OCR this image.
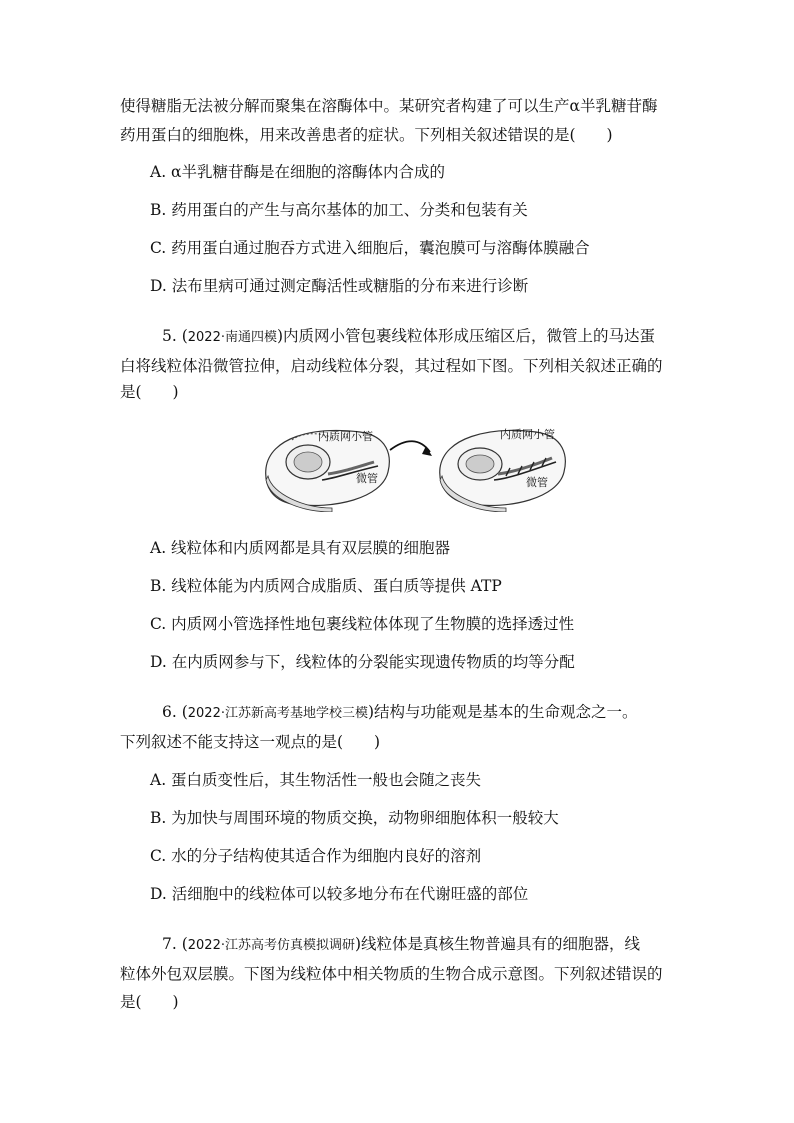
使得糖脂无法被分解而聚集在溶酶体中。某研究者构建了可以生产α半乳糖苷酶
药用蛋白的细胞株，用来改善患者的症状。下列相关叙述错误的是(　　)
A. α半乳糖苷酶是在细胞的溶酶体内合成的
B. 药用蛋白的产生与高尔基体的加工、分类和包装有关
C. 药用蛋白通过胞吞方式进入细胞后，囊泡膜可与溶酶体膜融合
D. 法布里病可通过测定酶活性或糖脂的分布来进行诊断
5. (2022·南通四模)内质网小管包裹线粒体形成压缩区后，微管上的马达蛋
白将线粒体沿微管拉伸，启动线粒体分裂，其过程如下图。下列相关叙述正确的
是(　　)
内质网小管
微管
内质网小管
微管
A. 线粒体和内质网都是具有双层膜的细胞器
B. 线粒体能为内质网合成脂质、蛋白质等提供 ATP
C. 内质网小管选择性地包裹线粒体体现了生物膜的选择透过性
D. 在内质网参与下，线粒体的分裂能实现遗传物质的均等分配
6. (2022·江苏新高考基地学校三模)结构与功能观是基本的生命观念之一。
下列叙述不能支持这一观点的是(　　)
A. 蛋白质变性后，其生物活性一般也会随之丧失
B. 为加快与周围环境的物质交换，动物卵细胞体积一般较大
C. 水的分子结构使其适合作为细胞内良好的溶剂
D. 活细胞中的线粒体可以较多地分布在代谢旺盛的部位
7. (2022·江苏高考仿真模拟调研)线粒体是真核生物普遍具有的细胞器，线
粒体外包双层膜。下图为线粒体中相关物质的生物合成示意图。下列叙述错误的
是(　　)
